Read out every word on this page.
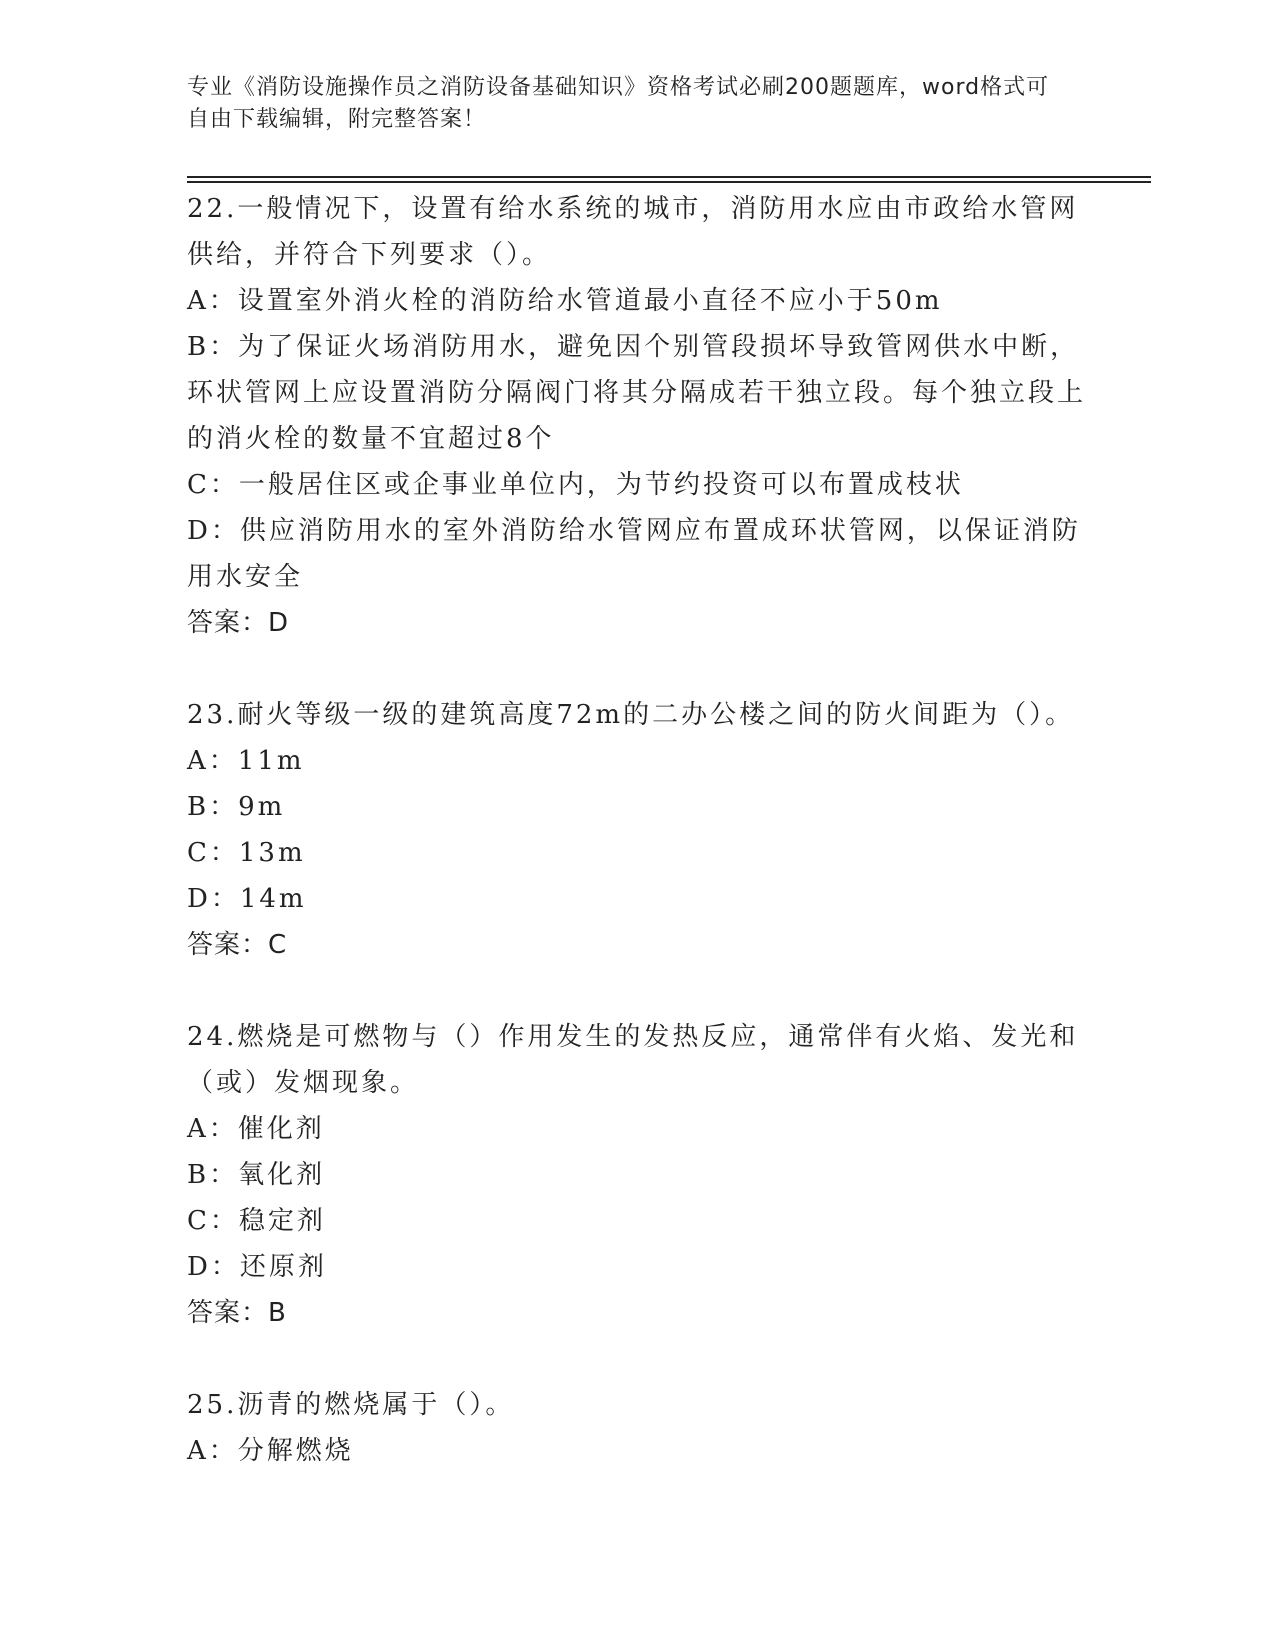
专业《消防设施操作员之消防设备基础知识》资格考试必刷200题题库，word格式可自由下载编辑，附完整答案！
22.一般情况下，设置有给水系统的城市，消防用水应由市政给水管网供给，并符合下列要求（）。
A：设置室外消火栓的消防给水管道最小直径不应小于50m
B：为了保证火场消防用水，避免因个别管段损坏导致管网供水中断，环状管网上应设置消防分隔阀门将其分隔成若干独立段。每个独立段上的消火栓的数量不宜超过8个
C：一般居住区或企事业单位内，为节约投资可以布置成枝状
D：供应消防用水的室外消防给水管网应布置成环状管网，以保证消防用水安全
答案：D
23.耐火等级一级的建筑高度72m的二办公楼之间的防火间距为（）。
A：11m
B：9m
C：13m
D：14m
答案：C
24.燃烧是可燃物与（）作用发生的发热反应，通常伴有火焰、发光和（或）发烟现象。
A：催化剂
B：氧化剂
C：稳定剂
D：还原剂
答案：B
25.沥青的燃烧属于（）。
A：分解燃烧
